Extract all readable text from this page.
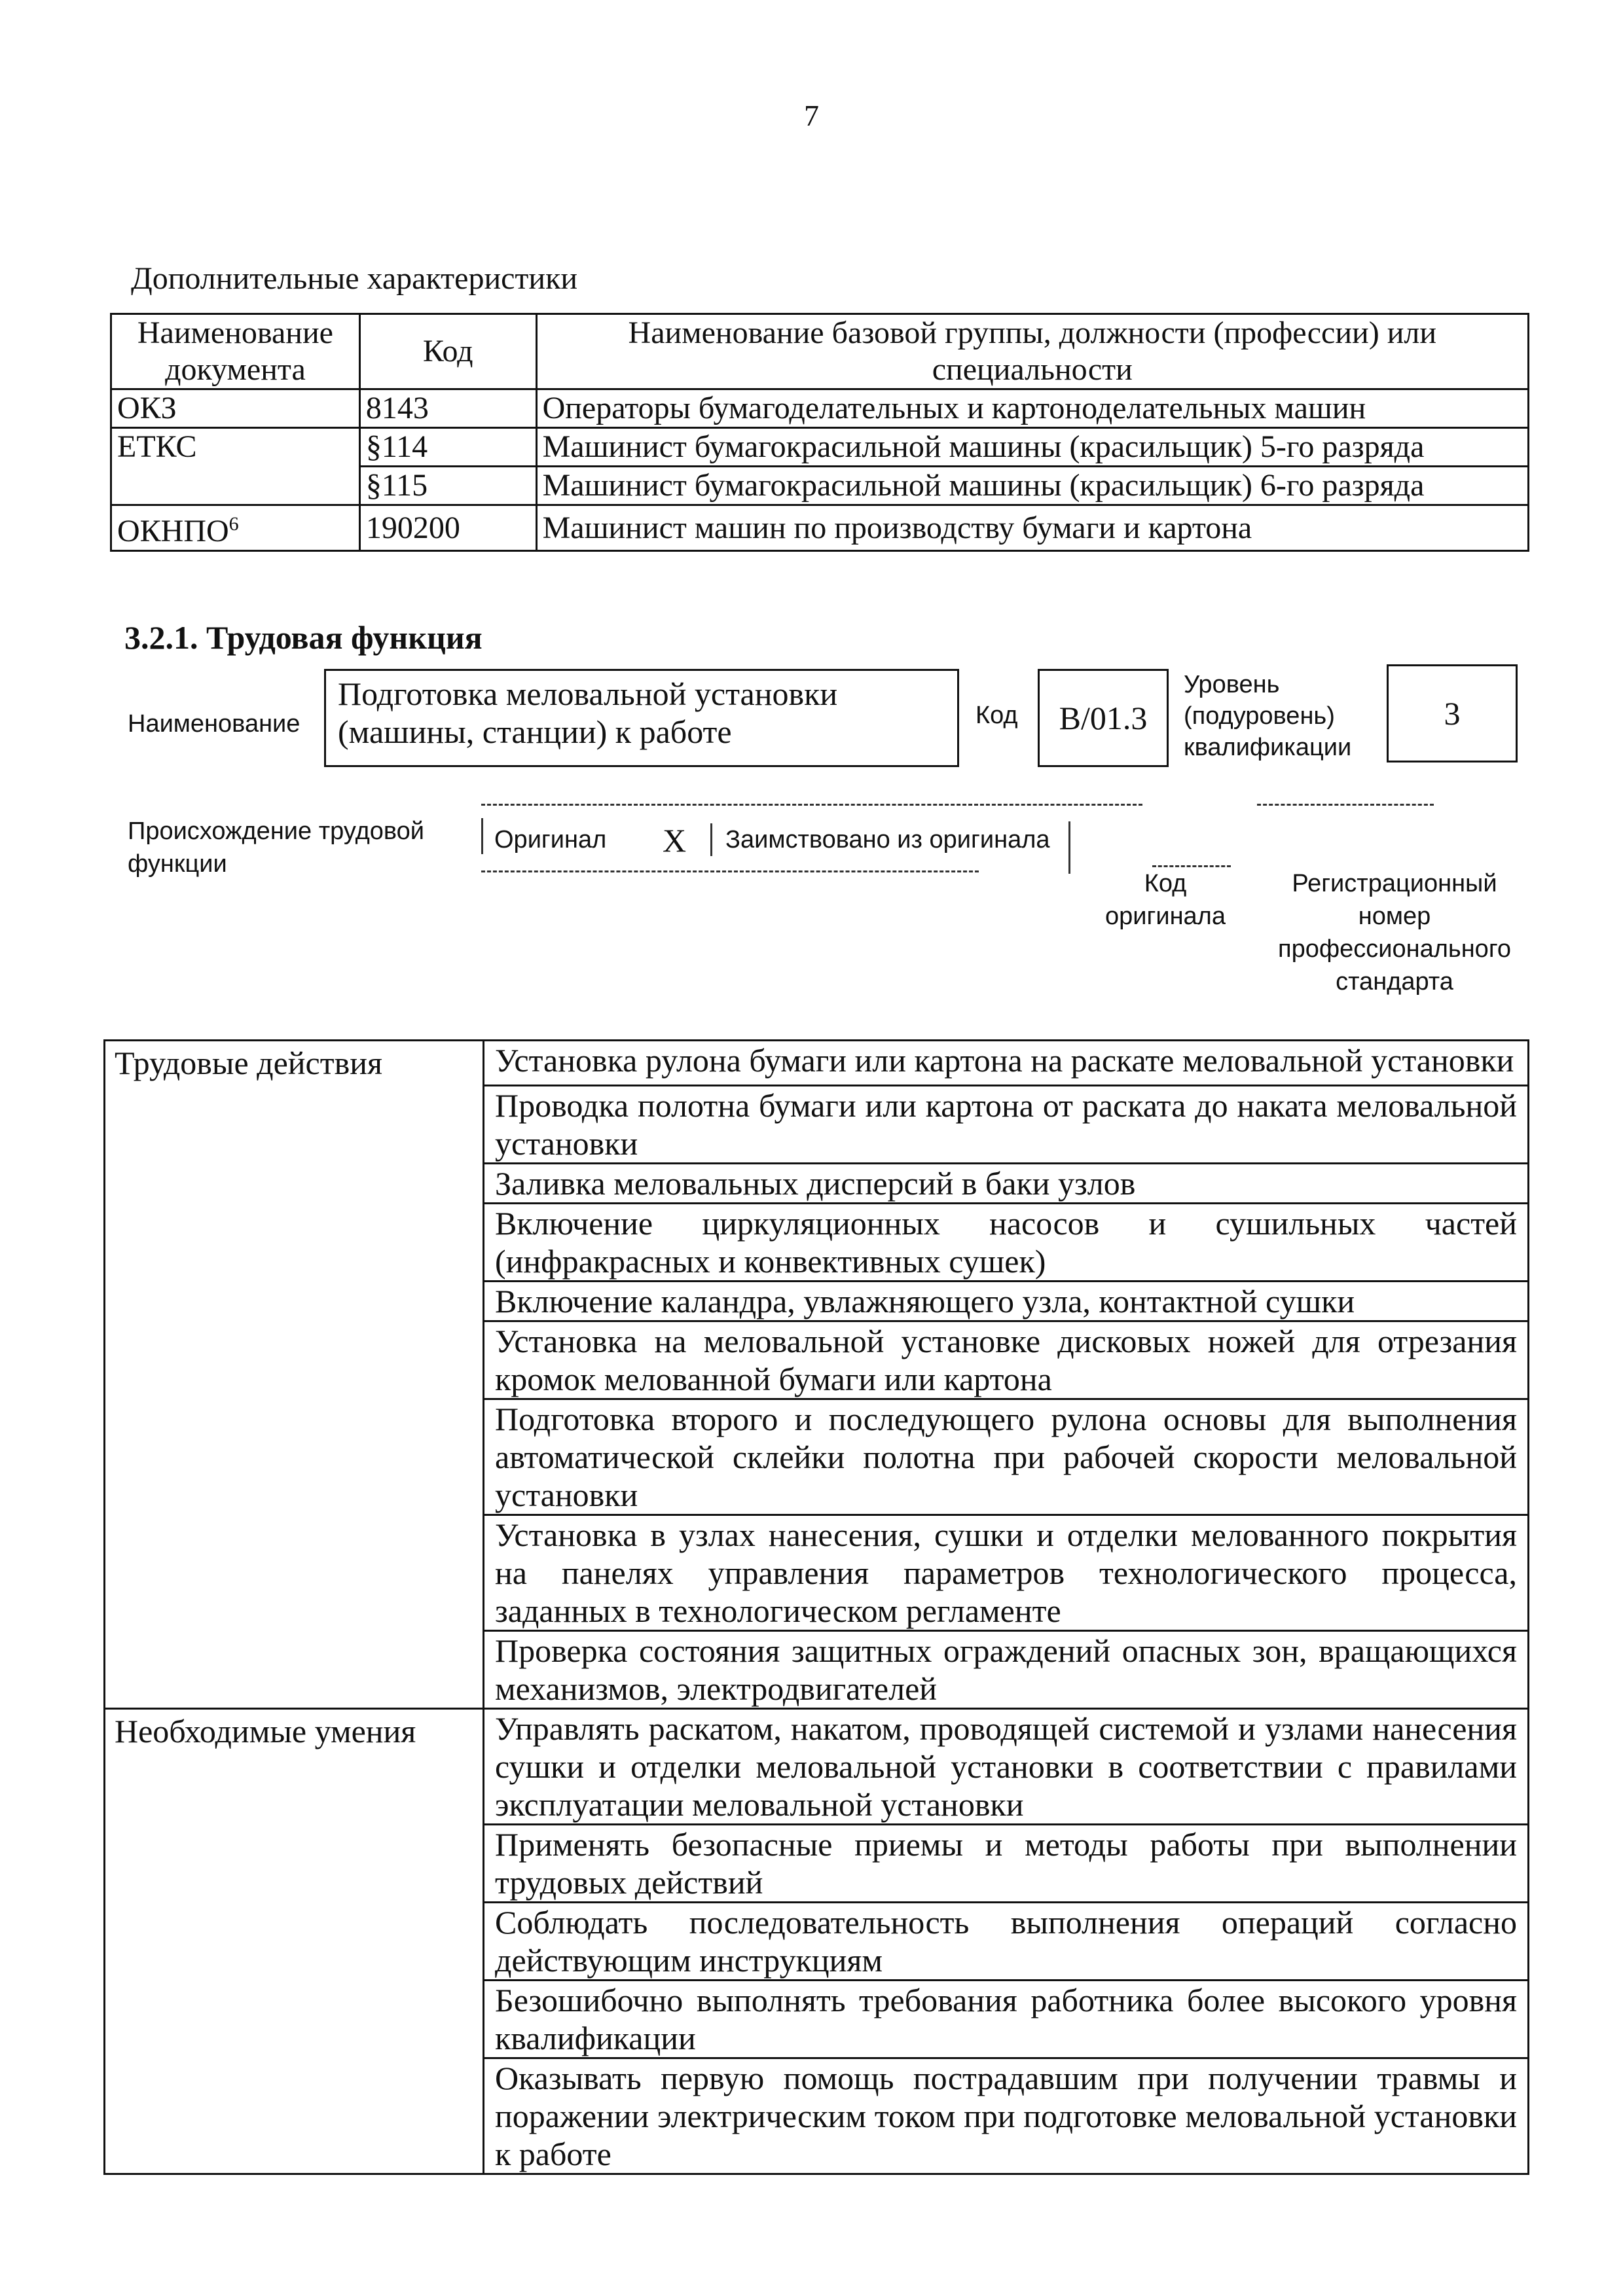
7
Дополнительные характеристики
Наименование документа	Код	Наименование базовой группы, должности (профессии) или специальности
ОКЗ	8143	Операторы бумагоделательных и картоноделательных машин
ЕТКС	§114	Машинист бумагокрасильной машины (красильщик) 5-го разряда
	§115	Машинист бумагокрасильной машины (красильщик) 6-го разряда
ОКНПО$^6$	190200	Машинист машин по производству бумаги и картона
3.2.1. Трудовая функция
Наименование
Подготовка меловальной установки (машины, станции) к работе	Код B/01.3
Уровень
(подуровень)
квалификации
3
Происхождение трудовой
функции
Оригинал X Заимствовано из оригинала
Код
оригинала
Регистрационный
номер
профессионального
стандарта
Трудовые действия	Установка рулона бумаги или картона на раскате меловальной установки
	Проводка полотна бумаги или картона от раската до наката меловальной установки
	Заливка меловальных дисперсий в баки узлов
	Включение циркуляционных насосов и сушильных частей (инфракрасных и конвективных сушек)
	Включение каландра, увлажняющего узла, контактной сушки
	Установка на меловальной установке дисковых ножей для отрезания кромок мелованной бумаги или картона
	Подготовка второго и последующего рулона основы для выполнения автоматической склейки полотна при рабочей скорости меловальной установки
	Установка в узлах нанесения, сушки и отделки мелованного покрытия на панелях управления параметров технологического процесса, заданных в технологическом регламенте
	Проверка состояния защитных ограждений опасных зон, вращающихся механизмов, электродвигателей
Необходимые умения	Управлять раскатом, накатом, проводящей системой и узлами нанесения сушки и отделки меловальной установки в соответствии с правилами эксплуатации меловальной установки
	Применять безопасные приемы и методы работы при выполнении трудовых действий
	Соблюдать последовательность выполнения операций согласно действующим инструкциям
	Безошибочно выполнять требования работника более высокого уровня квалификации
	Оказывать первую помощь пострадавшим при получении травмы и поражении электрическим током при подготовке меловальной установки к работе
